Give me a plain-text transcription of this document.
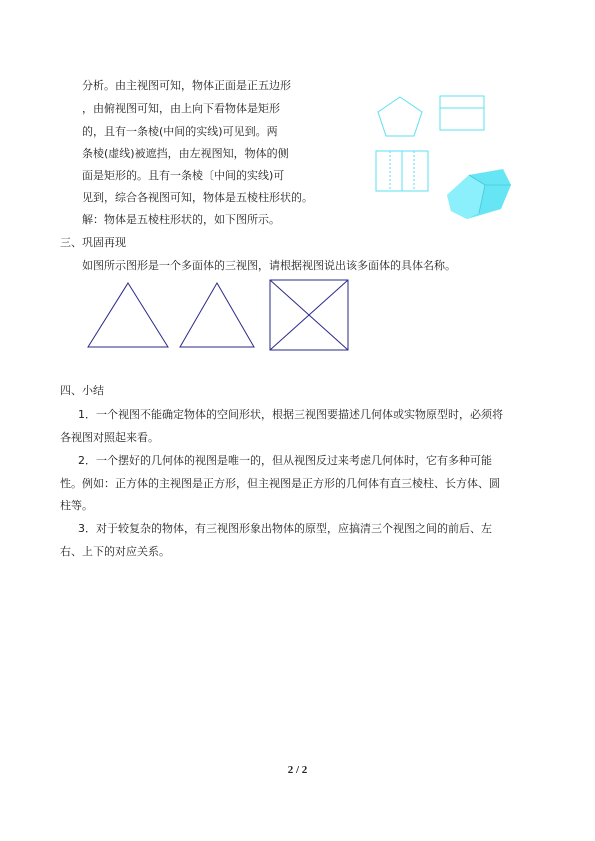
分析。由主视图可知，物体正面是正五边形
，由俯视图可知，由上向下看物体是矩形
的，且有一条棱(中间的实线)可见到。两
条棱(虚线)被遮挡，由左视图知，物体的侧
面是矩形的。且有一条棱〔中间的实线)可
见到，综合各视图可知，物体是五棱柱形状的。
解：物体是五棱柱形状的，如下图所示。
三、巩固再现
如图所示图形是一个多面体的三视图，请根据视图说出该多面体的具体名称。
四、小结
1．一个视图不能确定物体的空间形状，根据三视图要描述几何体或实物原型时，必须将
各视图对照起来看。
2．一个摆好的几何体的视图是唯一的，但从视图反过来考虑几何体时，它有多种可能
性。例如：正方体的主视图是正方形，但主视图是正方形的几何体有直三棱柱、长方体、圆
柱等。
3．对于较复杂的物体，有三视图形象出物体的原型，应搞清三个视图之间的前后、左
右、上下的对应关系。
2 / 2
